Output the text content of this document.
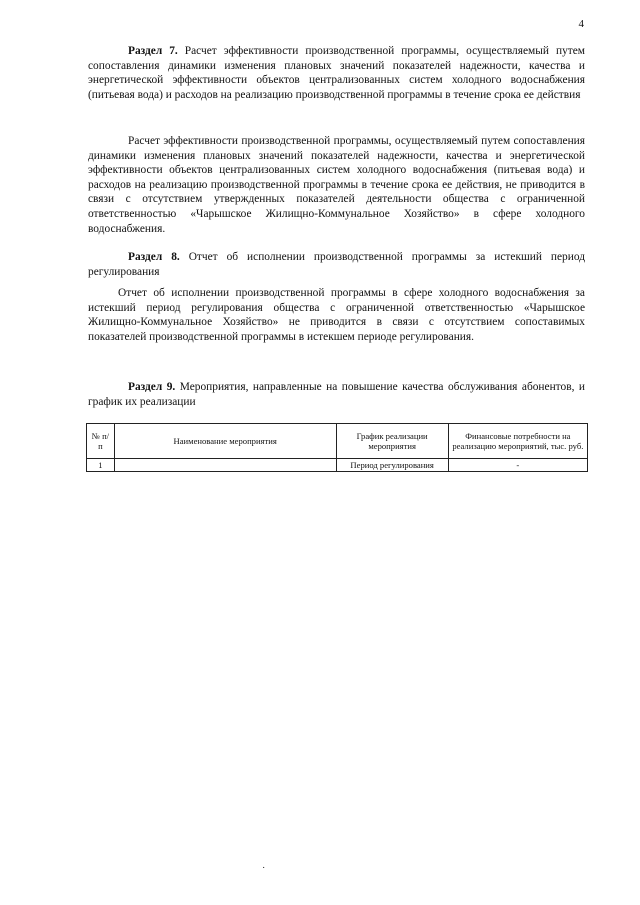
4
Раздел 7. Расчет эффективности производственной программы, осуществляемый путем сопоставления динамики изменения плановых значений показателей надежности, качества и энергетической эффективности объектов централизованных систем холодного водоснабжения (питьевая вода) и расходов на реализацию производственной программы в течение срока ее действия
Расчет эффективности производственной программы, осуществляемый путем сопоставления динамики изменения плановых значений показателей надежности, качества и энергетической эффективности объектов централизованных систем холодного водоснабжения (питьевая вода) и расходов на реализацию производственной программы в течение срока ее действия, не приводится в связи с отсутствием утвержденных показателей деятельности общества с ограниченной ответственностью «Чарышское Жилищно-Коммунальное Хозяйство» в сфере холодного водоснабжения.
Раздел 8. Отчет об исполнении производственной программы за истекший период регулирования
Отчет об исполнении производственной программы в сфере холодного водоснабжения за истекший период регулирования общества с ограниченной ответственностью «Чарышское Жилищно-Коммунальное Хозяйство» не приводится в связи с отсутствием сопоставимых показателей производственной программы в истекшем периоде регулирования.
Раздел 9. Мероприятия, направленные на повышение качества обслуживания абонентов, и график их реализации
№ п/п	Наименование мероприятия	График реализации мероприятия	Финансовые потребности на реализацию мероприятий, тыс. руб.
1		Период регулирования	-
˙
